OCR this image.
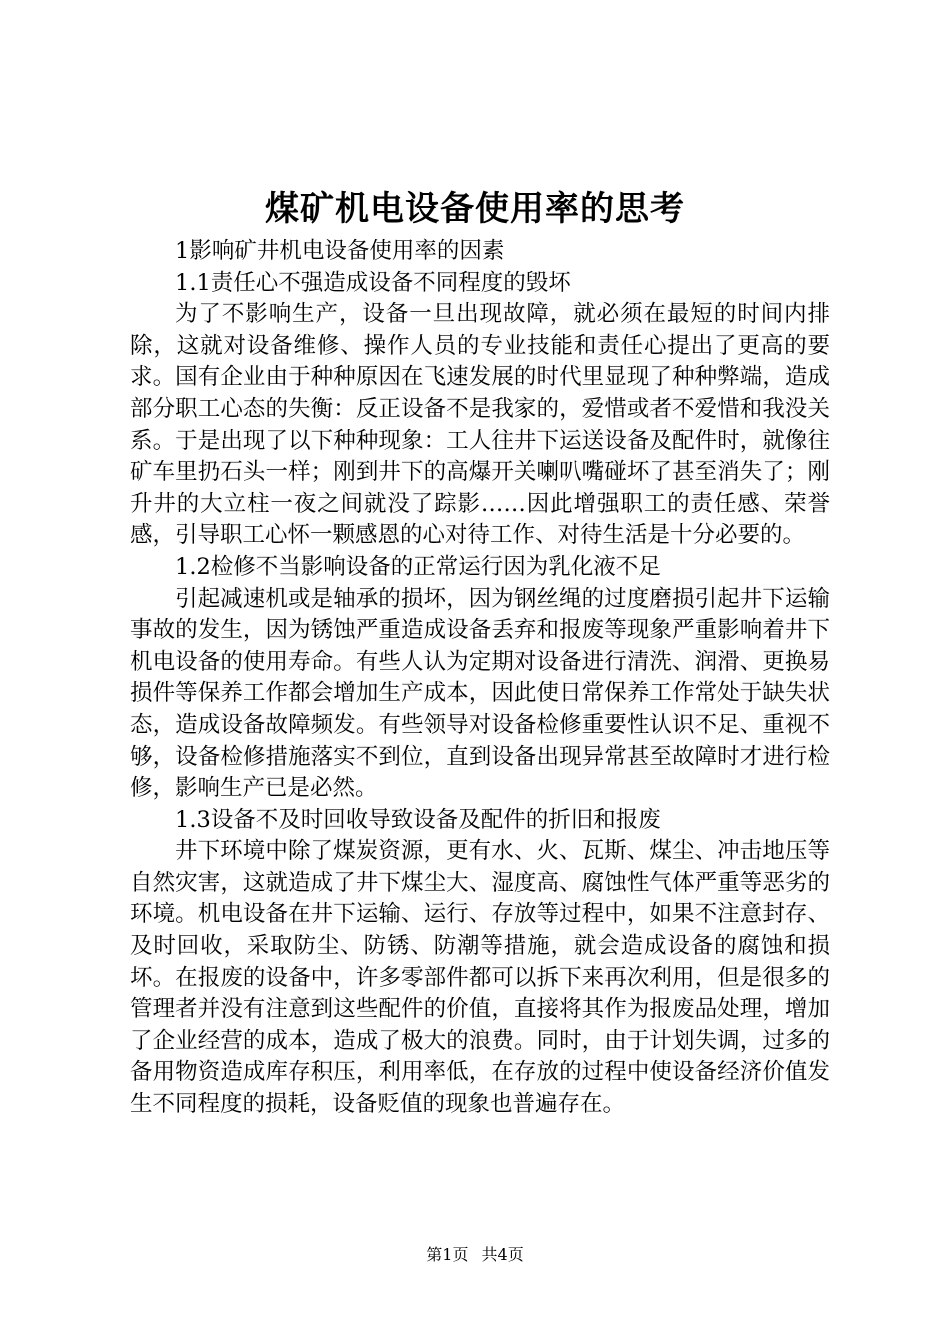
煤矿机电设备使用率的思考

1影响矿井机电设备使用率的因素

1.1责任心不强造成设备不同程度的毁坏

为了不影响生产，设备一旦出现故障，就必须在最短的时间内排除，这就对设备维修、操作人员的专业技能和责任心提出了更高的要求。国有企业由于种种原因在飞速发展的时代里显现了种种弊端，造成部分职工心态的失衡：反正设备不是我家的，爱惜或者不爱惜和我没关系。于是出现了以下种种现象：工人往井下运送设备及配件时，就像往矿车里扔石头一样；刚到井下的高爆开关喇叭嘴碰坏了甚至消失了；刚升井的大立柱一夜之间就没了踪影……因此增强职工的责任感、荣誉感，引导职工心怀一颗感恩的心对待工作、对待生活是十分必要的。

1.2检修不当影响设备的正常运行因为乳化液不足

引起减速机或是轴承的损坏，因为钢丝绳的过度磨损引起井下运输事故的发生，因为锈蚀严重造成设备丢弃和报废等现象严重影响着井下机电设备的使用寿命。有些人认为定期对设备进行清洗、润滑、更换易损件等保养工作都会增加生产成本，因此使日常保养工作常处于缺失状态，造成设备故障频发。有些领导对设备检修重要性认识不足、重视不够，设备检修措施落实不到位，直到设备出现异常甚至故障时才进行检修，影响生产已是必然。

1.3设备不及时回收导致设备及配件的折旧和报废

井下环境中除了煤炭资源，更有水、火、瓦斯、煤尘、冲击地压等自然灾害，这就造成了井下煤尘大、湿度高、腐蚀性气体严重等恶劣的环境。机电设备在井下运输、运行、存放等过程中，如果不注意封存、及时回收，采取防尘、防锈、防潮等措施，就会造成设备的腐蚀和损坏。在报废的设备中，许多零部件都可以拆下来再次利用，但是很多的管理者并没有注意到这些配件的价值，直接将其作为报废品处理，增加了企业经营的成本，造成了极大的浪费。同时，由于计划失调，过多的备用物资造成库存积压，利用率低，在存放的过程中使设备经济价值发生不同程度的损耗，设备贬值的现象也普遍存在。

第1页 共4页
